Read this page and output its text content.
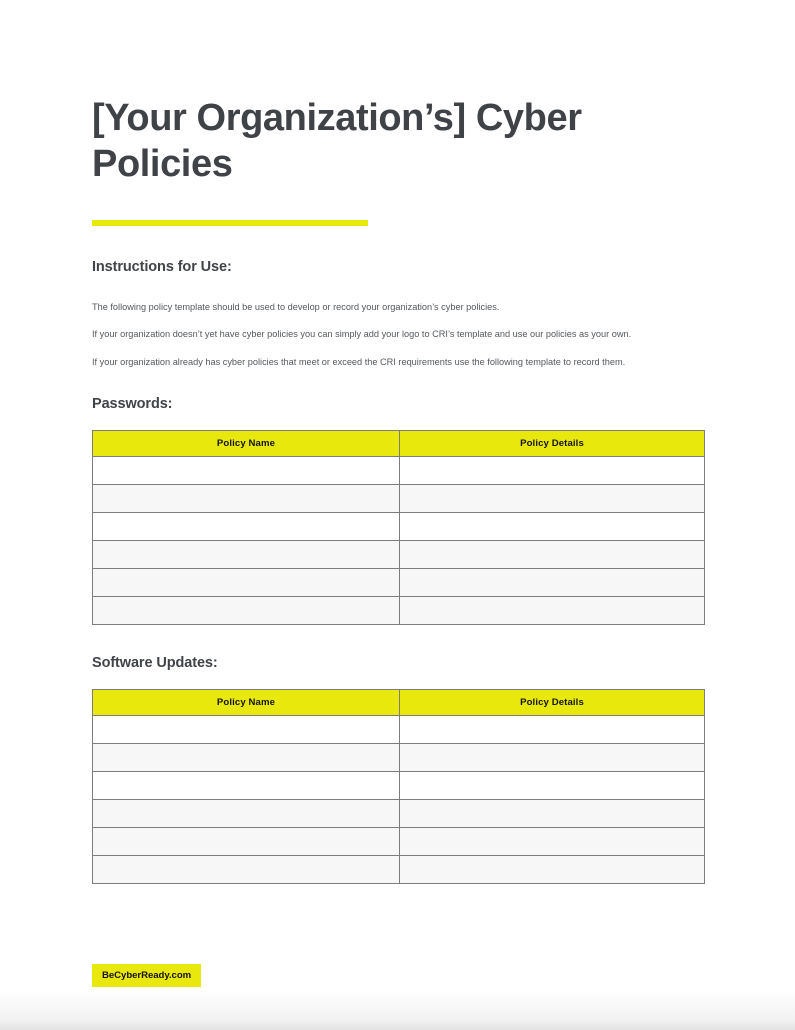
[Your Organization’s] Cyber Policies
Instructions for Use:

The following policy template should be used to develop or record your organization’s cyber policies.

If your organization doesn’t yet have cyber policies you can simply add your logo to CRI’s template and use our policies as your own.

If your organization already has cyber policies that meet or exceed the CRI requirements use the following template to record them.

Passwords:
Policy Name	Policy Details

Software Updates:
Policy Name	Policy Details

BeCyberReady.com
